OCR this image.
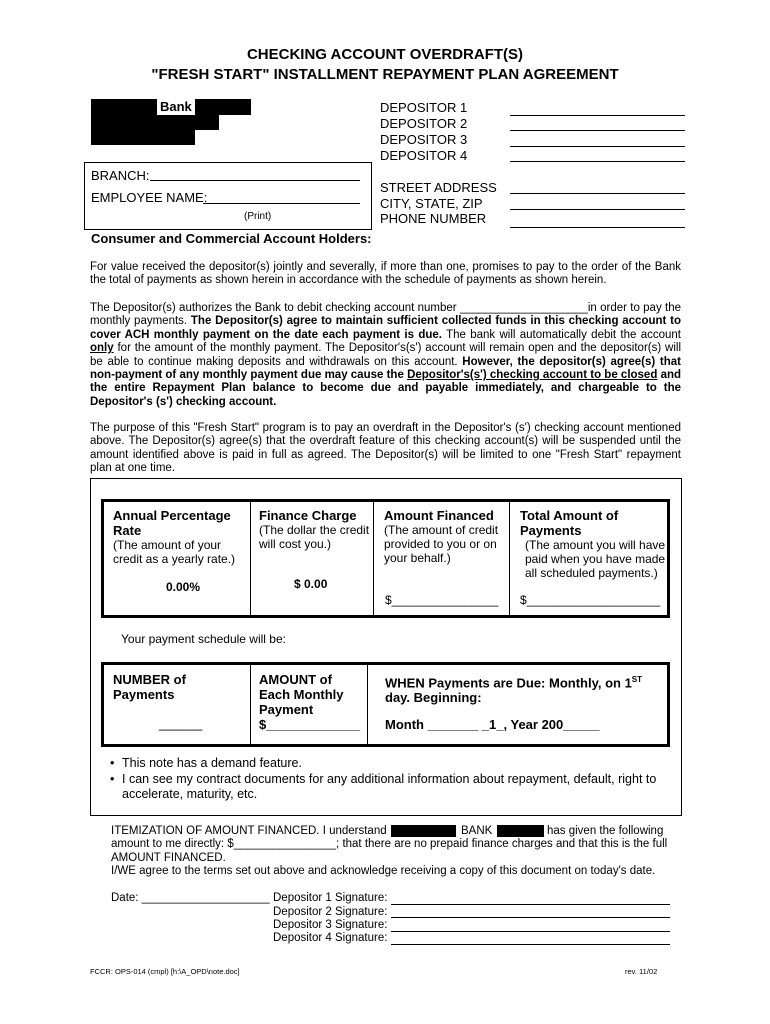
CHECKING ACCOUNT OVERDRAFT(S)
"FRESH START" INSTALLMENT REPAYMENT PLAN AGREEMENT
Bank
BRANCH:
EMPLOYEE NAME:
(Print)
DEPOSITOR 1
DEPOSITOR 2
DEPOSITOR 3
DEPOSITOR 4
STREET ADDRESS
CITY, STATE, ZIP
PHONE NUMBER
Consumer and Commercial Account Holders:
For value received the depositor(s) jointly and severally, if more than one, promises to pay to the order of the Bank the total of payments as shown herein in accordance with the schedule of payments as shown herein.
The Depositor(s) authorizes the Bank to debit checking account number ____________________in order to pay the monthly payments. The Depositor(s) agree to maintain sufficient collected funds in this checking account to cover ACH monthly payment on the date each payment is due. The bank will automatically debit the account only for the amount of the monthly payment. The Depositor's(s') account will remain open and the depositor(s) will be able to continue making deposits and withdrawals on this account. However, the depositor(s) agree(s) that non-payment of any monthly payment due may cause the Depositor's(s') checking account to be closed and the entire Repayment Plan balance to become due and payable immediately, and chargeable to the Depositor's (s') checking account.
The purpose of this "Fresh Start" program is to pay an overdraft in the Depositor's (s') checking account mentioned above. The Depositor(s) agree(s) that the overdraft feature of this checking account(s) will be suspended until the amount identified above is paid in full as agreed. The Depositor(s) will be limited to one "Fresh Start" repayment plan at one time.
Annual Percentage Rate
(The amount of your credit as a yearly rate.)
0.00%
Finance Charge
(The dollar the credit will cost you.)
$ 0.00
Amount Financed
(The amount of credit provided to you or on your behalf.)
$________________
Total Amount of Payments
(The amount you will have paid when you have made all scheduled payments.)
$____________________
Your payment schedule will be:
NUMBER of Payments
______
AMOUNT of Each Monthly Payment
$_____________
WHEN Payments are Due: Monthly, on 1ST
day. Beginning:
Month _______ _1_, Year 200_____
• This note has a demand feature.
• I can see my contract documents for any additional information about repayment, default, right to accelerate, maturity, etc.
ITEMIZATION OF AMOUNT FINANCED. I understand	BANK	has given the following
amount to me directly: $________________; that there are no prepaid finance charges and that this is the full
AMOUNT FINANCED.
I/WE agree to the terms set out above and acknowledge receiving a copy of this document on today's date.
Date: ____________________ Depositor 1 Signature:
Depositor 2 Signature:
Depositor 3 Signature:
Depositor 4 Signature:
FCCR: OPS-014 (cmpl) [h:\A_OPD\note.doc]	rev. 11/02
